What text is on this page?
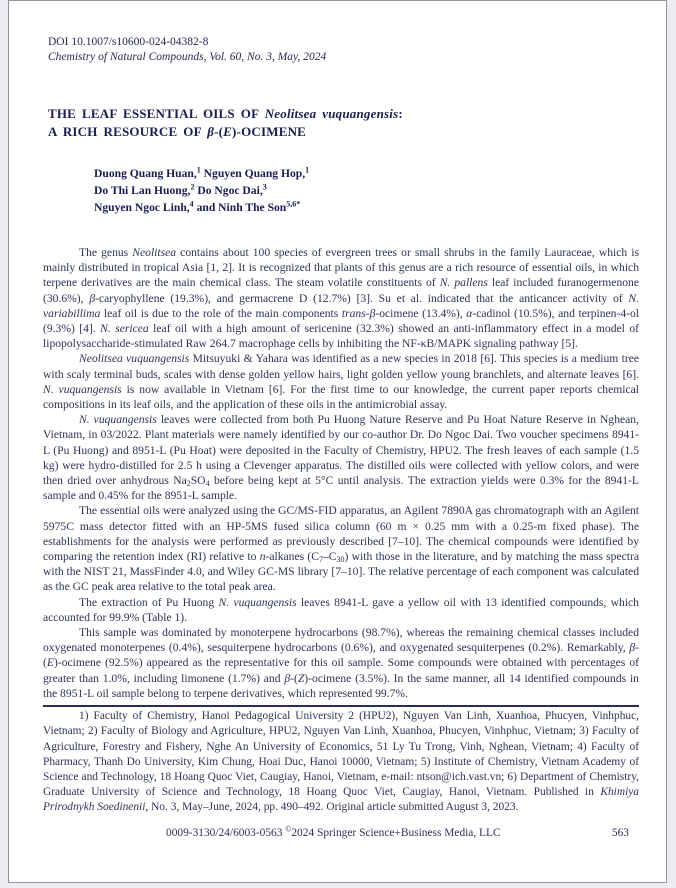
DOI 10.1007/s10600-024-04382-8
Chemistry of Natural Compounds, Vol. 60, No. 3, May, 2024
THE LEAF ESSENTIAL OILS OF Neolitsea vuquangensis:
A RICH RESOURCE OF β-(E)-OCIMENE
Duong Quang Huan,$^1$ Nguyen Quang Hop,$^1$
Do Thi Lan Huong,$^2$ Do Ngoc Dai,$^3$
Nguyen Ngoc Linh,$^4$ and Ninh The Son$^{5,6*}$

The genus Neolitsea contains about 100 species of evergreen trees or small shrubs in the family Lauraceae, which is mainly distributed in tropical Asia [1, 2]. It is recognized that plants of this genus are a rich resource of essential oils, in which terpene derivatives are the main chemical class. The steam volatile constituents of N. pallens leaf included furanogermenone (30.6%), β-caryophyllene (19.3%), and germacrene D (12.7%) [3]. Su et al. indicated that the anticancer activity of N. variabillima leaf oil is due to the role of the main components trans-β-ocimene (13.4%), α-cadinol (10.5%), and terpinen-4-ol (9.3%) [4]. N. sericea leaf oil with a high amount of sericenine (32.3%) showed an anti-inflammatory effect in a model of lipopolysaccharide-stimulated Raw 264.7 macrophage cells by inhibiting the NF-κB/MAPK signaling pathway [5].

Neolitsea vuquangensis Mitsuyuki & Yahara was identified as a new species in 2018 [6]. This species is a medium tree with scaly terminal buds, scales with dense golden yellow hairs, light golden yellow young branchlets, and alternate leaves [6]. N. vuquangensis is now available in Vietnam [6]. For the first time to our knowledge, the current paper reports chemical compositions in its leaf oils, and the application of these oils in the antimicrobial assay.

N. vuquangensis leaves were collected from both Pu Huong Nature Reserve and Pu Hoat Nature Reserve in Nghean, Vietnam, in 03/2022. Plant materials were namely identified by our co-author Dr. Do Ngoc Dai. Two voucher specimens 8941-L (Pu Huong) and 8951-L (Pu Hoat) were deposited in the Faculty of Chemistry, HPU2. The fresh leaves of each sample (1.5 kg) were hydro-distilled for 2.5 h using a Clevenger apparatus. The distilled oils were collected with yellow colors, and were then dried over anhydrous Na2SO4 before being kept at 5°C until analysis. The extraction yields were 0.3% for the 8941-L sample and 0.45% for the 8951-L sample.

The essential oils were analyzed using the GC/MS-FID apparatus, an Agilent 7890A gas chromatograph with an Agilent 5975C mass detector fitted with an HP-5MS fused silica column (60 m × 0.25 mm with a 0.25-m fixed phase). The establishments for the analysis were performed as previously described [7–10]. The chemical compounds were identified by comparing the retention index (RI) relative to n-alkanes (C7–C30) with those in the literature, and by matching the mass spectra with the NIST 21, MassFinder 4.0, and Wiley GC-MS library [7–10]. The relative percentage of each component was calculated as the GC peak area relative to the total peak area.

The extraction of Pu Huong N. vuquangensis leaves 8941-L gave a yellow oil with 13 identified compounds, which accounted for 99.9% (Table 1).

This sample was dominated by monoterpene hydrocarbons (98.7%), whereas the remaining chemical classes included oxygenated monoterpenes (0.4%), sesquiterpene hydrocarbons (0.6%), and oxygenated sesquiterpenes (0.2%). Remarkably, β-(E)-ocimene (92.5%) appeared as the representative for this oil sample. Some compounds were obtained with percentages of greater than 1.0%, including limonene (1.7%) and β-(Z)-ocimene (3.5%). In the same manner, all 14 identified compounds in the 8951-L oil sample belong to terpene derivatives, which represented 99.7%.

1) Faculty of Chemistry, Hanoi Pedagogical University 2 (HPU2), Nguyen Van Linh, Xuanhoa, Phucyen, Vinhphuc, Vietnam; 2) Faculty of Biology and Agriculture, HPU2, Nguyen Van Linh, Xuanhoa, Phucyen, Vinhphuc, Vietnam; 3) Faculty of Agriculture, Forestry and Fishery, Nghe An University of Economics, 51 Ly Tu Trong, Vinh, Nghean, Vietnam; 4) Faculty of Pharmacy, Thanh Do University, Kim Chung, Hoai Duc, Hanoi 10000, Vietnam; 5) Institute of Chemistry, Vietnam Academy of Science and Technology, 18 Hoang Quoc Viet, Caugiay, Hanoi, Vietnam, e-mail: ntson@ich.vast.vn; 6) Department of Chemistry, Graduate University of Science and Technology, 18 Hoang Quoc Viet, Caugiay, Hanoi, Vietnam. Published in Khimiya Prirodnykh Soedinenii, No. 3, May–June, 2024, pp. 490–492. Original article submitted August 3, 2023.

0009-3130/24/6003-0563 ©2024 Springer Science+Business Media, LLC	563
